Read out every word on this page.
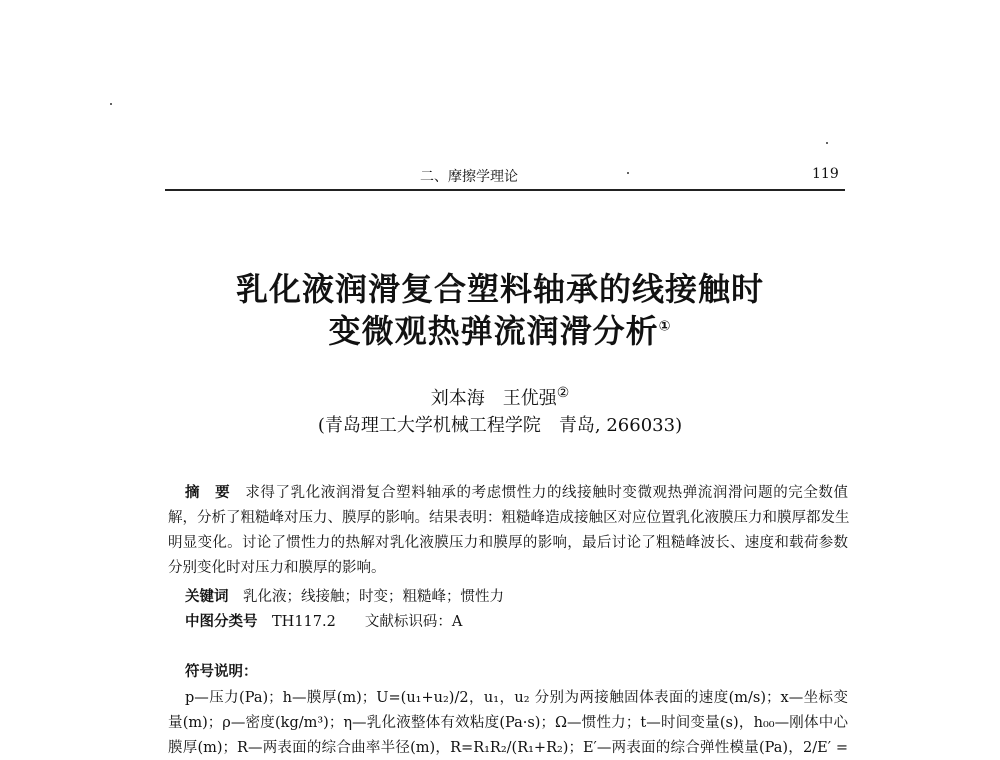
二、摩擦学理论	119
乳化液润滑复合塑料轴承的线接触时
变微观热弹流润滑分析①
刘本海　王优强②
(青岛理工大学机械工程学院　青岛, 266033)
摘　要　 求得了乳化液润滑复合塑料轴承的考虑惯性力的线接触时变微观热弹流润滑问题的完全数值
解，分析了粗糙峰对压力、膜厚的影响。结果表明：粗糙峰造成接触区对应位置乳化液膜压力和膜厚都发生
明显变化。讨论了惯性力的热解对乳化液膜压力和膜厚的影响，最后讨论了粗糙峰波长、速度和载荷参数
分别变化时对压力和膜厚的影响。
关键词　 乳化液；线接触；时变；粗糙峰；惯性力
中图分类号　 TH117.2　　 文献标识码：A
符号说明：
p—压力(Pa)；h—膜厚(m)；U=(u₁+u₂)/2，u₁，u₂ 分别为两接触固体表面的速度(m/s)；x—坐标变
量(m)；ρ—密度(kg/m³)；η—乳化液整体有效粘度(Pa·s)；Ω—惯性力；t—时间变量(s)，h₀₀—刚体中心
膜厚(m)；R—两表面的综合曲率半径(m)，R=R₁R₂/(R₁+R₂)；E′—两表面的综合弹性模量(Pa)，2/E′ =
